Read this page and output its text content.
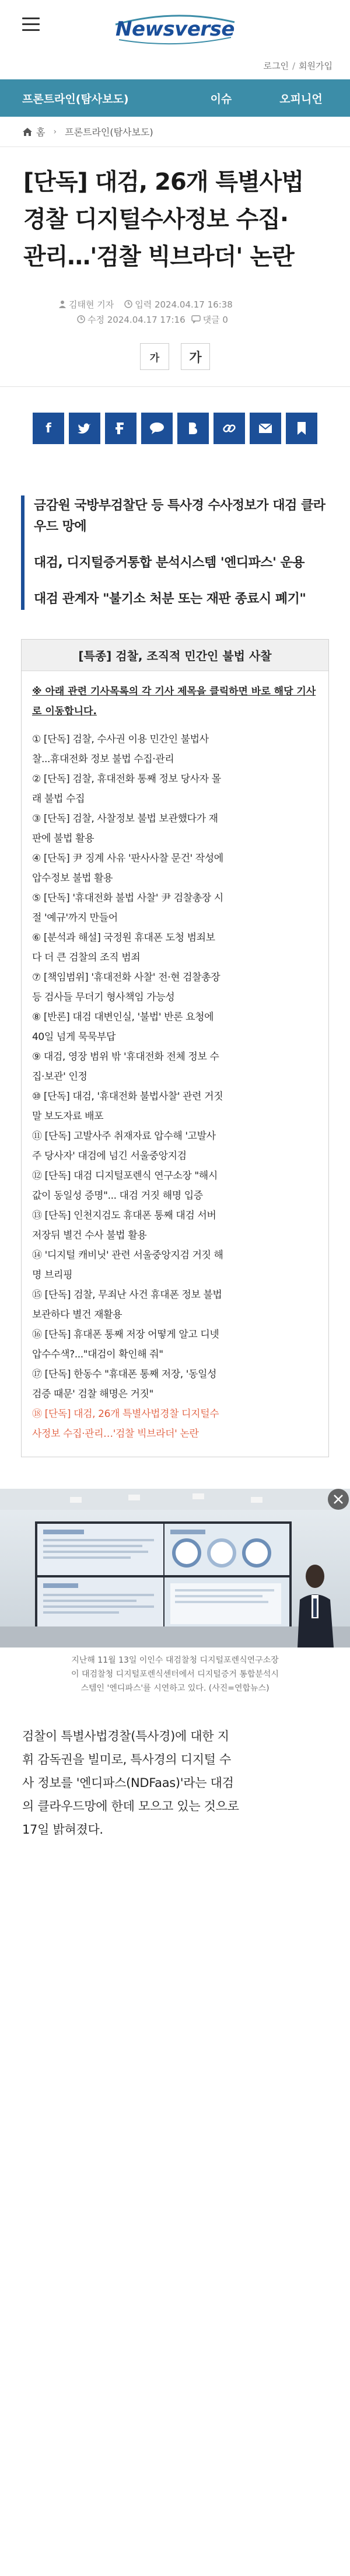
Newsverse
로그인 / 회원가입
프론트라인(탐사보도)	이슈	오피니언
홈 › 프론트라인(탐사보도)
[단독] 대검, 26개 특별사법
경찰 디지털수사정보 수집·
관리…'검찰 빅브라더' 논란
김태현 기자 입력 2024.04.17 16:38
수정 2024.04.17 17:16 댓글 0
가	가
f
금감원 국방부검찰단 등 특사경 수사정보가 대검 클라우드 망에
대검, 디지털증거통합 분석시스템 '엔디파스' 운용
대검 관계자 "불기소 처분 또는 재판 종료시 폐기"
[특종] 검찰, 조직적 민간인 불법 사찰
※ 아래 관련 기사목록의 각 기사 제목을 클릭하면 바로 해당 기사로 이동합니다.
① [단독] 검찰, 수사권 이용 민간인 불법사
찰...휴대전화 정보 불법 수집·관리
② [단독] 검찰, 휴대전화 통째 정보 당사자 몰
래 불법 수집
③ [단독] 검찰, 사찰정보 불법 보관했다가 재
판에 불법 활용
④ [단독] 尹 징계 사유 '판사사찰 문건' 작성에
압수정보 불법 활용
⑤ [단독] '휴대전화 불법 사찰' 尹 검찰총장 시
절 '예규'까지 만들어
⑥ [분석과 해설] 국정원 휴대폰 도청 범죄보
다 더 큰 검찰의 조직 범죄
⑦ [책임범위] '휴대전화 사찰' 전·현 검찰총장
등 검사들 무더기 형사책임 가능성
⑧ [반론] 대검 대변인실, '불법' 반론 요청에
40일 넘게 묵묵부답
⑨ 대검, 영장 범위 밖 '휴대전화 전체 정보 수
집·보관' 인정
⑩ [단독] 대검, '휴대전화 불법사찰' 관련 거짓
말 보도자료 배포
⑪ [단독] 고발사주 취재자료 압수해 '고발사
주 당사자' 대검에 넘긴 서울중앙지검
⑫ [단독] 대검 디지털포렌식 연구소장 "해시
값이 동일성 증명"... 대검 거짓 해명 입증
⑬ [단독] 인천지검도 휴대폰 통째 대검 서버
저장뒤 별건 수사 불법 활용
⑭ '디지털 캐비닛' 관련 서울중앙지검 거짓 해
명 브리핑
⑮ [단독] 검찰, 무죄난 사건 휴대폰 정보 불법
보관하다 별건 재활용
⑯ [단독] 휴대폰 통째 저장 어떻게 알고 디넷
압수수색?..."대검이 확인해 줘"
⑰ [단독] 한동수 "휴대폰 통째 저장, '동일성
검증 때문' 검찰 해명은 거짓"
⑱ [단독] 대검, 26개 특별사법경찰 디지털수
사정보 수집·관리…'검찰 빅브라더' 논란
지난해 11월 13일 이인수 대검찰청 디지털포렌식연구소장
이 대검찰청 디지털포렌식센터에서 디지털증거 통합분석시
스템인 '엔디파스'를 시연하고 있다. (사진=연합뉴스)
검찰이 특별사법경찰(특사경)에 대한 지
휘 감독권을 빌미로, 특사경의 디지털 수
사 정보를 '엔디파스(NDFaas)'라는 대검
의 클라우드망에 한데 모으고 있는 것으로
17일 밝혀졌다.
